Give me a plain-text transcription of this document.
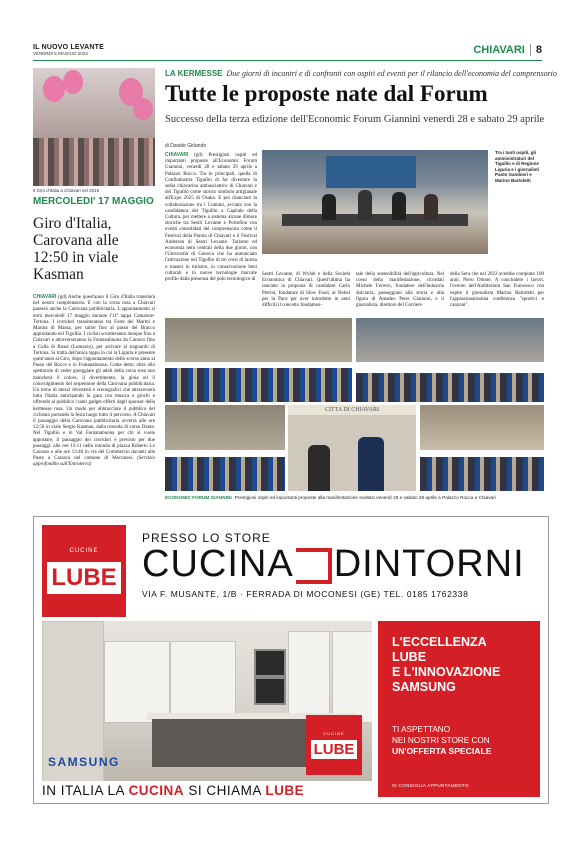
IL NUOVO LEVANTE
VENERDÌ 5 MAGGIO 2023	CHIAVARI	8
Il Giro d'Italia a Chiavari nel 2015
MERCOLEDI' 17 MAGGIO
Giro d'Italia, Carovana alle 12:50 in viale Kasman
CHIAVARI (gd) Anche quest'anno il Giro d'Italia transiterà nel nostro comprensorio. E con la corsa rosa a Chiavari passerà anche la Carovana pubblicitaria. L'appuntamento si terrà mercoledì 17 maggio durante l'11ª tappa Camaiore-Tortona. I corridori transiteranno tra Forte dei Marmi e Marina di Massa, per salire fino al passo del Bracco approdando nel Tigullio. I ciclisti scenderanno dunque fino a Chiavari e attraverseranno la Fontanabuona da Carasco fino a Colla di Boasi (Lumarzo), per arrivare al traguardo di Tortona. Si tratta dell'unica tappa in cui la Liguria è presente quest'anno al Giro, dopo l'appuntamento dello scorso anno al Passo del Bocco e in Fontanabuona. Come detto, oltre allo spettacolo di veder gareggiare gli atleti della corsa rosa non mancherà il colore, il divertimento, la gioia ed il coinvolgimento del serpentone della Carovana pubblicitaria. Un treno di mezzi divertenti e scenografici che attraverserà tutta l'Italia anticipando la gara con musica e giochi e offrendo al pubblico i tanti gadget offerti dagli sponsor della kermesse rosa. Un modo per abbracciare il pubblico del ciclismo portando la festa lungo tutto il percorso. A Chiavari il passaggio della Carovana pubblicitaria avverrà alle ore 12:50 in viale Sergio Kasman, dalla rotonda di corso Dante. Nel Tigullio e in Val Fontanabuona per chi si vuole appostare, il passaggio dei corridori è previsto per due passaggi: alle ore 13:11 nella rotonda di piazza Roberto Lo Carosso e alle ore 13:40 in via del Commercio davanti alle Poste a Carasco nel comune di Moconesi. (Servizio approfondito sull'Entroterra)
LA KERMESSE Due giorni di incontri e di confronti con ospiti ed eventi per il rilancio dell'economia del comprensorio
Tutte le proposte nate dal Forum
Successo della terza edizione dell'Economic Forum Giannini venerdì 28 e sabato 29 aprile
di Davide Girlando
CHIAVARI (gd) Prestigiosi ospiti ed importanti proposte all'Economic Forum Giannini, venerdì 28 e sabato 29 aprile a Palazzo Rocca. Tra le principali, quella di Confindustria Tigullio di far diventare la sedia chiavarina ambasciatrice di Chiavari e del Tigullio come storico simbolo artigianale all'Expo 2025 di Osaka. E poi rilanciare la collaborazione tra i Comuni, avviata con la candidatura del Tigullio a Capitale della Cultura, per mettere a sistema alcune dimore storiche tra Sestri Levante e Portofino con eventi consolidati del comprensorio come il Festival della Parola di Chiavari o il Festival Andersen di Sestri Levante. Turismo ed economia temi centrali della due giorni, con l'Università di Genova che ha annunciato l'attivazione nel Tigullio di tre corsi di laurea o master in turismo, in conservazione beni culturali e in nuove tecnologie marcate profilo dalla presenza del polo tecnologico di
Tra i tanti ospiti, gli amministratori del Tigullio e di Regione Liguria e i giornalisti Paolo Gambieri e Marino Bartoletti
Sestri Levante, di Wylab e della Società Economica di Chiavari. Quest'ultima ha lanciato la proposta di candidare Carlo Petrini, fondatore di Slow Food, al Nobel per la Pace per aver introdotto in anni difficili il concetto fondamen-
tale della sostenibilità dell'agricoltura. Nel corso della manifestazione, ricordati Michele Ferrero, fondatore dell'industria dolciaria, passeggiato alla storia e alla figura di Amadeo Peter Giannini, e il giornalista, direttore del Corriere
della Sera che nel 2023 avrebbe compiuto 100 anni, Piero Ottone. A concludere i lavori, l'evento dell'Auditorium San Francesco con ospite il giornalista Marino Bartoletti per l'appassionatissima conferenza "sportivi e canzoni".
CITTA DI CHIAVARI
ECONOMIC FORUM GIANNINI Prestigiosi ospiti ed importanti proposte alla manifestazione svoltasi venerdì 28 e sabato 29 aprile a Palazzo Rocca a Chiavari
CUCINE
LUBE
PRESSO LO STORE
CUCINA DINTORNI
VIA F. MUSANTE, 1/B · FERRADA DI MOCONESI (GE) TEL. 0185 1762338
SAMSUNG
CUCINE
LUBE
L'ECCELLENZA
LUBE
E L'INNOVAZIONE
SAMSUNG
TI ASPETTANO
NEI NOSTRI STORE CON
UN'OFFERTA SPECIALE
SI CONSIGLIA APPUNTAMENTO
IN ITALIA LA CUCINA SI CHIAMA LUBE
